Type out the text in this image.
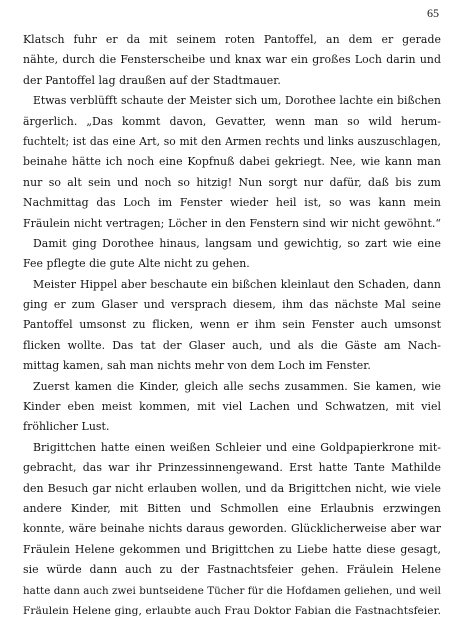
65
Klatsch fuhr er da mit seinem roten Pantoffel, an dem er gerade
nähte, durch die Fensterscheibe und knax war ein großes Loch darin und
der Pantoffel lag draußen auf der Stadtmauer.
Etwas verblüfft schaute der Meister sich um, Dorothee lachte ein bißchen
ärgerlich. „Das kommt davon, Gevatter, wenn man so wild herum-
fuchtelt; ist das eine Art, so mit den Armen rechts und links auszuschlagen,
beinahe hätte ich noch eine Kopfnuß dabei gekriegt. Nee, wie kann man
nur so alt sein und noch so hitzig! Nun sorgt nur dafür, daß bis zum
Nachmittag das Loch im Fenster wieder heil ist, so was kann mein
Fräulein nicht vertragen; Löcher in den Fenstern sind wir nicht gewöhnt.“
Damit ging Dorothee hinaus, langsam und gewichtig, so zart wie eine
Fee pflegte die gute Alte nicht zu gehen.
Meister Hippel aber beschaute ein bißchen kleinlaut den Schaden, dann
ging er zum Glaser und versprach diesem, ihm das nächste Mal seine
Pantoffel umsonst zu flicken, wenn er ihm sein Fenster auch umsonst
flicken wollte. Das tat der Glaser auch, und als die Gäste am Nach-
mittag kamen, sah man nichts mehr von dem Loch im Fenster.
Zuerst kamen die Kinder, gleich alle sechs zusammen. Sie kamen, wie
Kinder eben meist kommen, mit viel Lachen und Schwatzen, mit viel
fröhlicher Lust.
Brigittchen hatte einen weißen Schleier und eine Goldpapierkrone mit-
gebracht, das war ihr Prinzessinnengewand. Erst hatte Tante Mathilde
den Besuch gar nicht erlauben wollen, und da Brigittchen nicht, wie viele
andere Kinder, mit Bitten und Schmollen eine Erlaubnis erzwingen
konnte, wäre beinahe nichts daraus geworden. Glücklicherweise aber war
Fräulein Helene gekommen und Brigittchen zu Liebe hatte diese gesagt,
sie würde dann auch zu der Fastnachtsfeier gehen. Fräulein Helene
hatte dann auch zwei buntseidene Tücher für die Hofdamen geliehen, und weil
Fräulein Helene ging, erlaubte auch Frau Doktor Fabian die Fastnachtsfeier.
